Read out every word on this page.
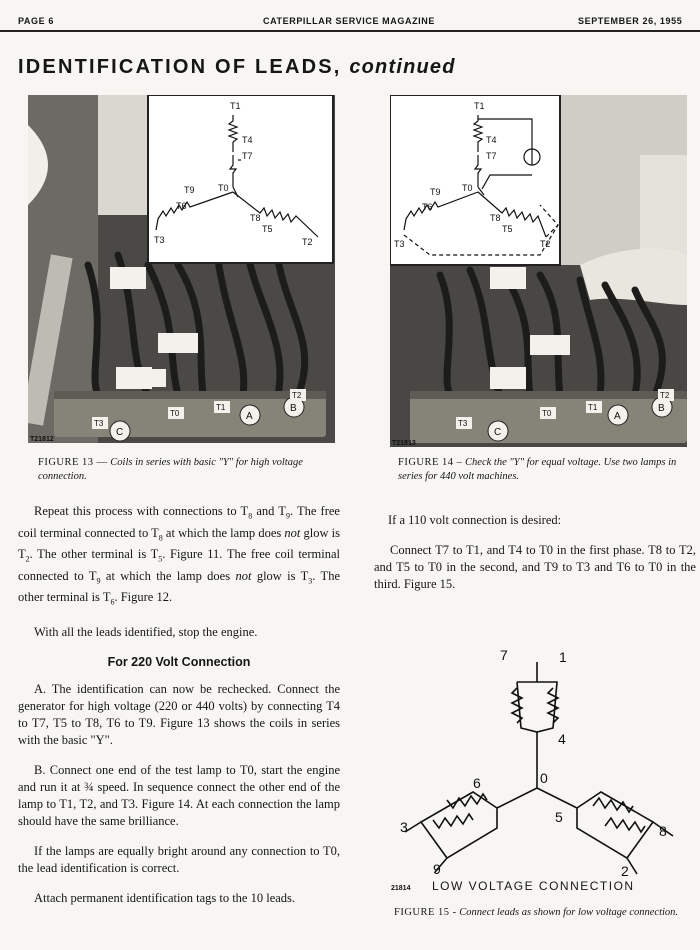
PAGE 6	CATERPILLAR SERVICE MAGAZINE	SEPTEMBER 26, 1955
IDENTIFICATION OF LEADS, continued
T1
T4
T7
T0
T9
T6
T8
T5
T3	T2
T3
T0
T1
C
A
B
T2
T21812
FIGURE 13 — Coils in series with basic "Y" for high voltage connection.
T1
T4
T7
T0
T9
T6
T8
T5
T3	T2
T3
T0
T1
C
A
B
T2
T21813
FIGURE 14 – Check the "Y" for equal voltage. Use two lamps in series for 440 volt machines.

Repeat this process with connections to $T_8$ and $T_9$. The free coil terminal connected to $T_8$ at which the lamp does not glow is $T_2$. The other terminal is $T_5$. Figure 11. The free coil terminal connected to $T_9$ at which the lamp does not glow is $T_3$. The other terminal is $T_6$. Figure 12.

With all the leads identified, stop the engine.

For 220 Volt Connection

A. The identification can now be rechecked. Connect the generator for high voltage (220 or 440 volts) by connecting T4 to T7, T5 to T8, T6 to T9. Figure 13 shows the coils in series with the basic "Y".

B. Connect one end of the test lamp to T0, start the engine and run it at ¾ speed. In sequence connect the other end of the lamp to T1, T2, and T3. Figure 14. At each connection the lamp should have the same brilliance.

If the lamps are equally bright around any connection to T0, the lead identification is correct.

Attach permanent identification tags to the 10 leads.

If a 110 volt connection is desired:

Connect T7 to T1, and T4 to T0 in the first phase. T8 to T2, and T5 to T0 in the second, and T9 to T3 and T6 to T0 in the third. Figure 15.

7	1
4
0
6
5
3	8
9	2
21814 LOW VOLTAGE CONNECTION
FIGURE 15 - Connect leads as shown for low voltage connection.
